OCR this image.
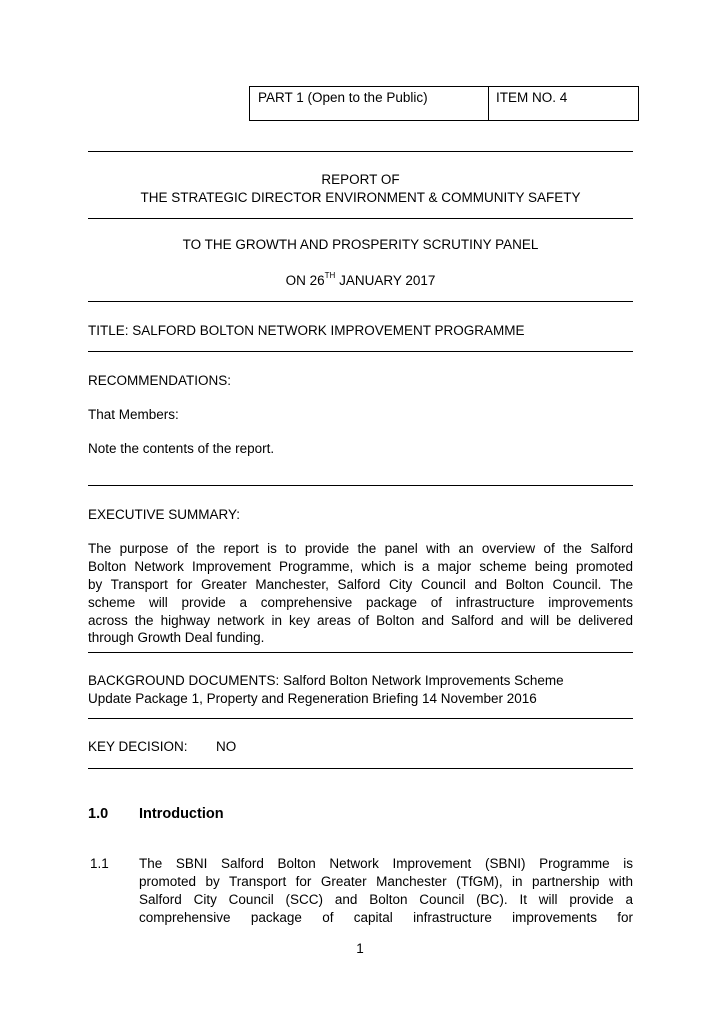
PART 1 (Open to the Public)	ITEM NO. 4
REPORT OF
THE STRATEGIC DIRECTOR ENVIRONMENT & COMMUNITY SAFETY
TO THE GROWTH AND PROSPERITY SCRUTINY PANEL
ON 26TH JANUARY 2017
TITLE: SALFORD BOLTON NETWORK IMPROVEMENT PROGRAMME
RECOMMENDATIONS:
That Members:
Note the contents of the report.
EXECUTIVE SUMMARY:
The purpose of the report is to provide the panel with an overview of the Salford
Bolton Network Improvement Programme, which is a major scheme being promoted
by Transport for Greater Manchester, Salford City Council and Bolton Council. The
scheme will provide a comprehensive package of infrastructure improvements
across the highway network in key areas of Bolton and Salford and will be delivered
through Growth Deal funding.
BACKGROUND DOCUMENTS: Salford Bolton Network Improvements Scheme
Update Package 1, Property and Regeneration Briefing 14 November 2016
KEY DECISION: NO
1.0 Introduction
1.1 The SBNI Salford Bolton Network Improvement (SBNI) Programme is
promoted by Transport for Greater Manchester (TfGM), in partnership with
Salford City Council (SCC) and Bolton Council (BC). It will provide a
comprehensive package of capital infrastructure improvements for
1
